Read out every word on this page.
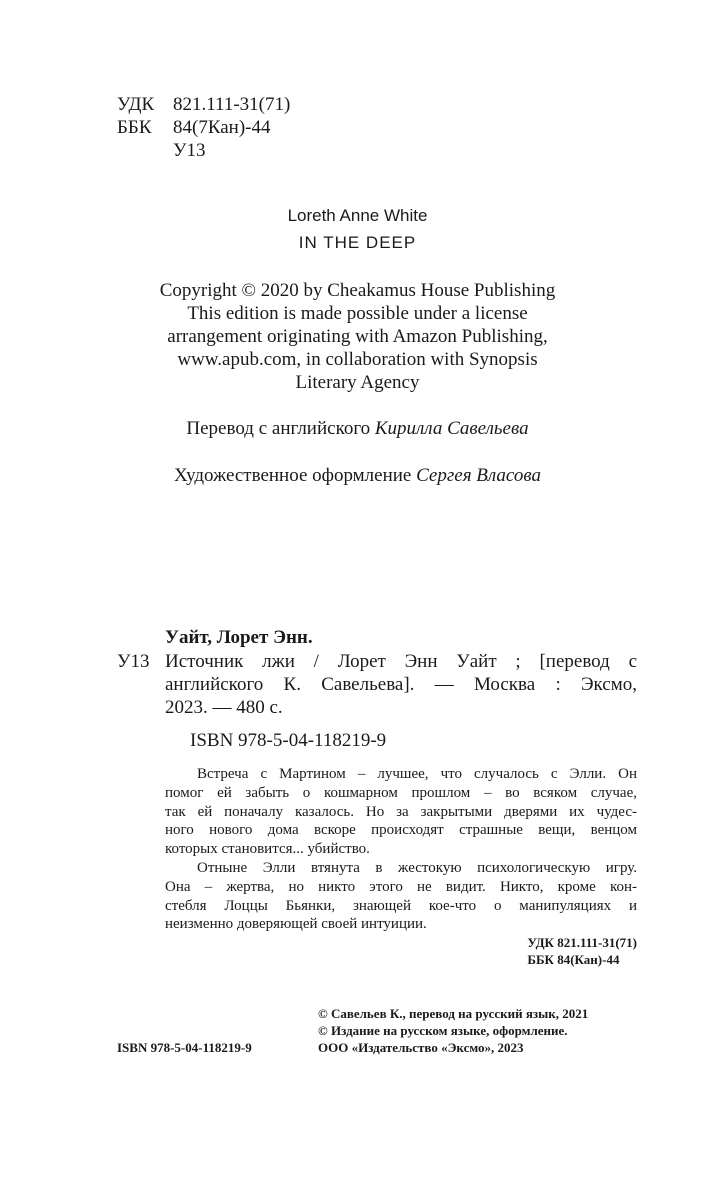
УДК 821.111-31(71)
ББК 84(7Кан)-44
У13
Loreth Anne White
IN THE DEEP
Copyright © 2020 by Cheakamus House Publishing
This edition is made possible under a license
arrangement originating with Amazon Publishing,
www.apub.com, in collaboration with Synopsis
Literary Agency
Перевод с английского Кирилла Савельева
Художественное оформление Сергея Власова
Уайт, Лорет Энн.
У13 Источник лжи / Лорет Энн Уайт ; [перевод с
английского К. Савельева]. — Москва : Эксмо,
2023. — 480 с.
ISBN 978-5-04-118219-9
Встреча с Мартином – лучшее, что случалось с Элли. Он
помог ей забыть о кошмарном прошлом – во всяком случае,
так ей поначалу казалось. Но за закрытыми дверями их чудес-
ного нового дома вскоре происходят страшные вещи, венцом
которых становится... убийство.
Отныне Элли втянута в жестокую психологическую игру.
Она – жертва, но никто этого не видит. Никто, кроме кон-
стебля Лоццы Бьянки, знающей кое-что о манипуляциях и
неизменно доверяющей своей интуиции.
УДК 821.111-31(71)
ББК 84(Кан)-44
© Савельев К., перевод на русский язык, 2021
© Издание на русском языке, оформление.
ООО «Издательство «Эксмо», 2023
ISBN 978-5-04-118219-9
